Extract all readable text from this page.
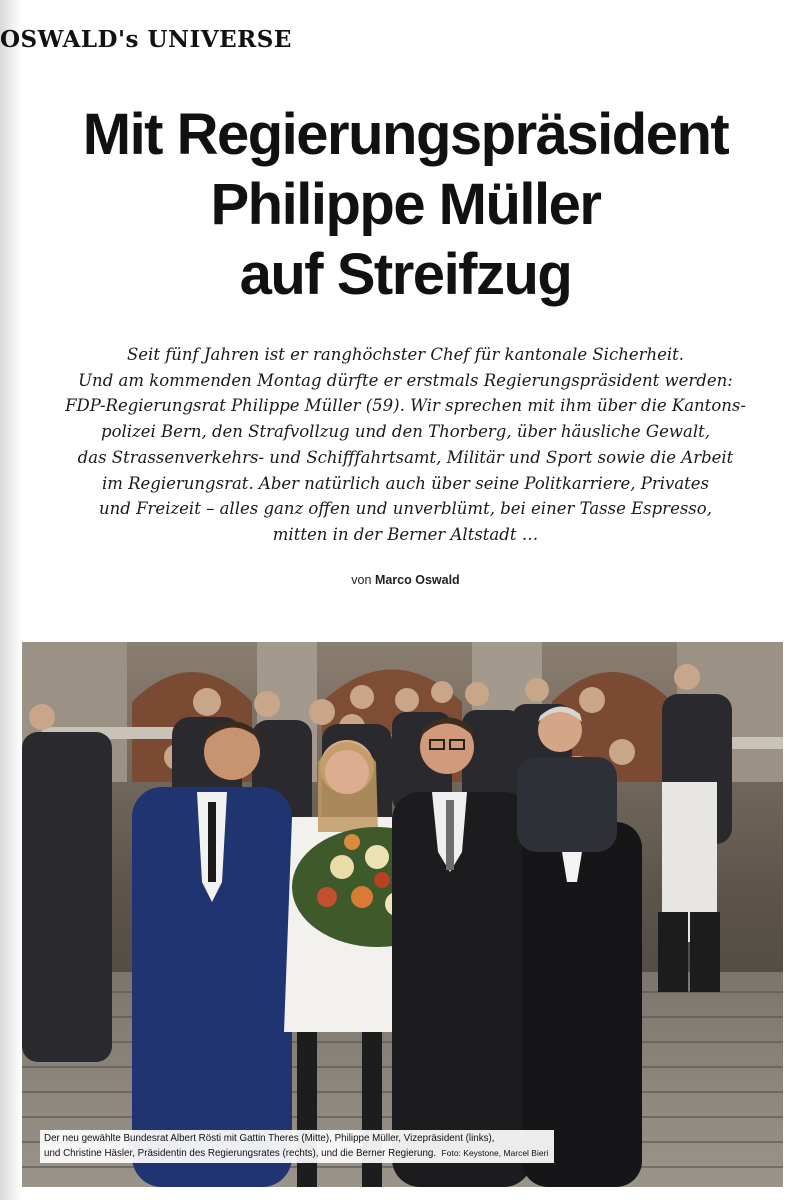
OSWALD's UNIVERSE
Mit Regierungspräsident
Philippe Müller
auf Streifzug
Seit fünf Jahren ist er ranghöchster Chef für kantonale Sicherheit.
Und am kommenden Montag dürfte er erstmals Regierungspräsident werden:
FDP-Regierungsrat Philippe Müller (59). Wir sprechen mit ihm über die Kantons-
polizei Bern, den Strafvollzug und den Thorberg, über häusliche Gewalt,
das Strassenverkehrs- und Schifffahrtsamt, Militär und Sport sowie die Arbeit
im Regierungsrat. Aber natürlich auch über seine Politkarriere, Privates
und Freizeit – alles ganz offen und unverblümt, bei einer Tasse Espresso,
mitten in der Berner Altstadt …
von Marco Oswald
Der neu gewählte Bundesrat Albert Rösti mit Gattin Theres (Mitte), Philippe Müller, Vizepräsident (links),
und Christine Häsler, Präsidentin des Regierungsrates (rechts), und die Berner Regierung. Foto: Keystone, Marcel Bieri
